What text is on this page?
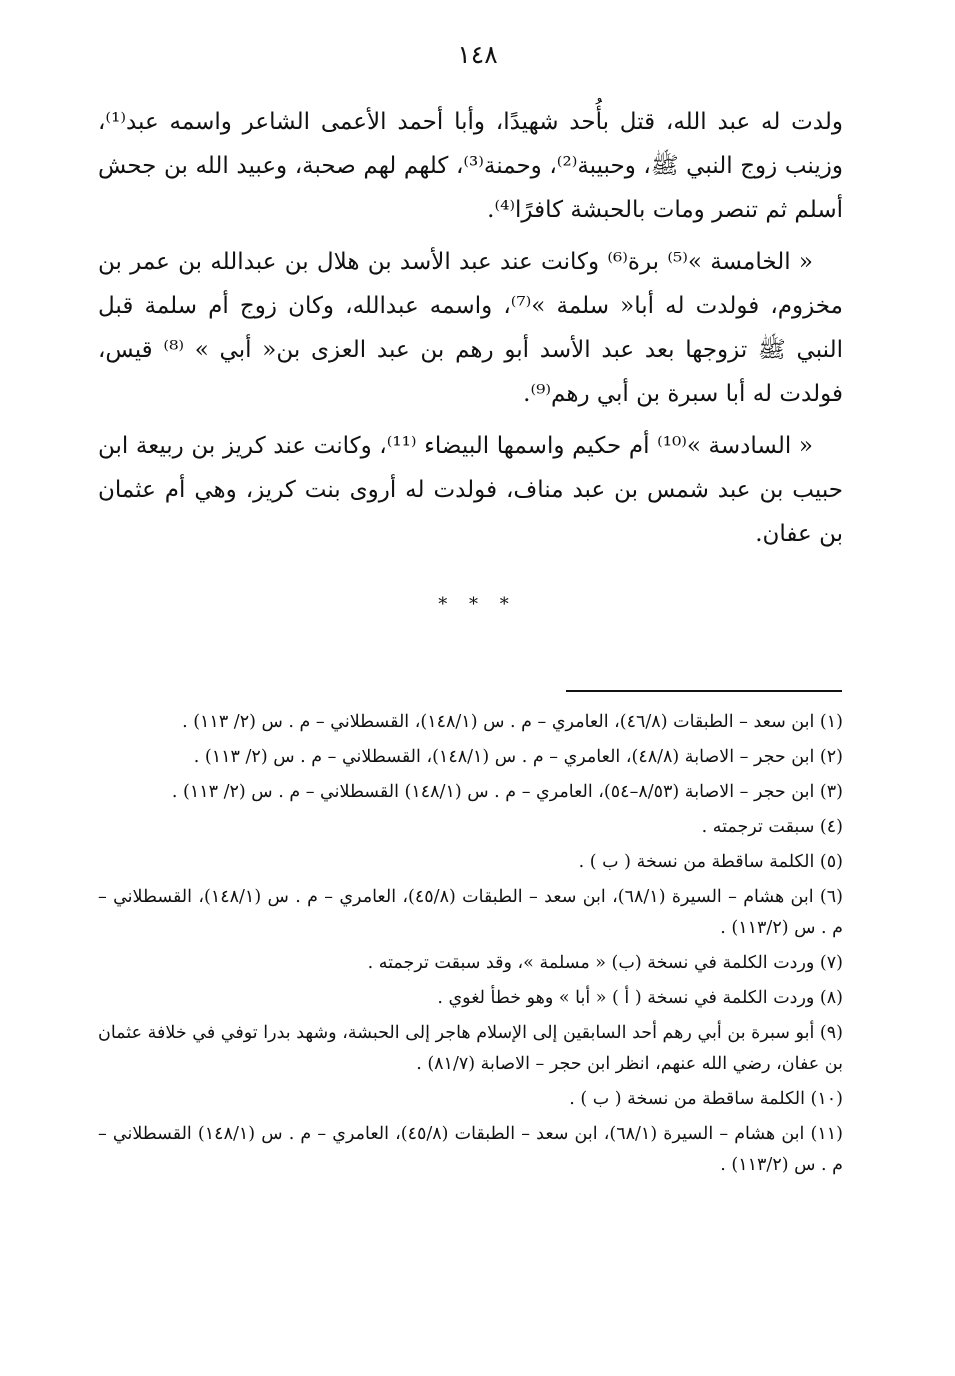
١٤٨

ولدت له عبد الله، قتل بأُحد شهيدًا، وأبا أحمد الأعمى الشاعر واسمه عبد⁽¹⁾، وزينب زوج النبي ﷺ، وحبيبة⁽²⁾، وحمنة⁽³⁾، كلهم لهم صحبة، وعبيد الله بن جحش أسلم ثم تنصر ومات بالحبشة كافرًا⁽⁴⁾.

« الخامسة »⁽⁵⁾ برة⁽⁶⁾ وكانت عند عبد الأسد بن هلال بن عبدالله بن عمر بن مخزوم، فولدت له أبا« سلمة »⁽⁷⁾، واسمه عبدالله، وكان زوج أم سلمة قبل النبي ﷺ تزوجها بعد عبد الأسد أبو رهم بن عبد العزى بن« أبي » ⁽⁸⁾ قيس، فولدت له أبا سبرة بن أبي رهم⁽⁹⁾.

« السادسة »⁽¹⁰⁾ أم حكيم واسمها البيضاء ⁽¹¹⁾، وكانت عند كريز بن ربيعة ابن حبيب بن عبد شمس بن عبد مناف، فولدت له أروى بنت كريز، وهي أم عثمان بن عفان.

* * *
(١) ابن سعد – الطبقات (٤٦/٨)، العامري – م . س (١٤٨/١)، القسطلاني – م . س (٢/ ١١٣) .
(٢) ابن حجر – الاصابة (٤٨/٨)، العامري – م . س (١٤٨/١)، القسطلاني – م . س (٢/ ١١٣) .
(٣) ابن حجر – الاصابة (٨/٥٣–٥٤)، العامري – م . س (١٤٨/١) القسطلاني – م . س (٢/ ١١٣) .
(٤) سبقت ترجمته .
(٥) الكلمة ساقطة من نسخة ( ب ) .
(٦) ابن هشام – السيرة (٦٨/١)، ابن سعد – الطبقات (٤٥/٨)، العامري – م . س (١٤٨/١)، القسطلاني – م . س (١١٣/٢) .
(٧) وردت الكلمة في نسخة (ب) « مسلمة »، وقد سبقت ترجمته .
(٨) وردت الكلمة في نسخة ( أ ) « أبا » وهو خطأ لغوي .
(٩) أبو سبرة بن أبي رهم أحد السابقين إلى الإسلام هاجر إلى الحبشة، وشهد بدرا توفي في خلافة عثمان بن عفان، رضي الله عنهم، انظر ابن حجر – الاصابة (٨١/٧) .
(١٠) الكلمة ساقطة من نسخة ( ب ) .
(١١) ابن هشام – السيرة (٦٨/١)، ابن سعد – الطبقات (٤٥/٨)، العامري – م . س (١٤٨/١) القسطلاني – م . س (١١٣/٢) .
